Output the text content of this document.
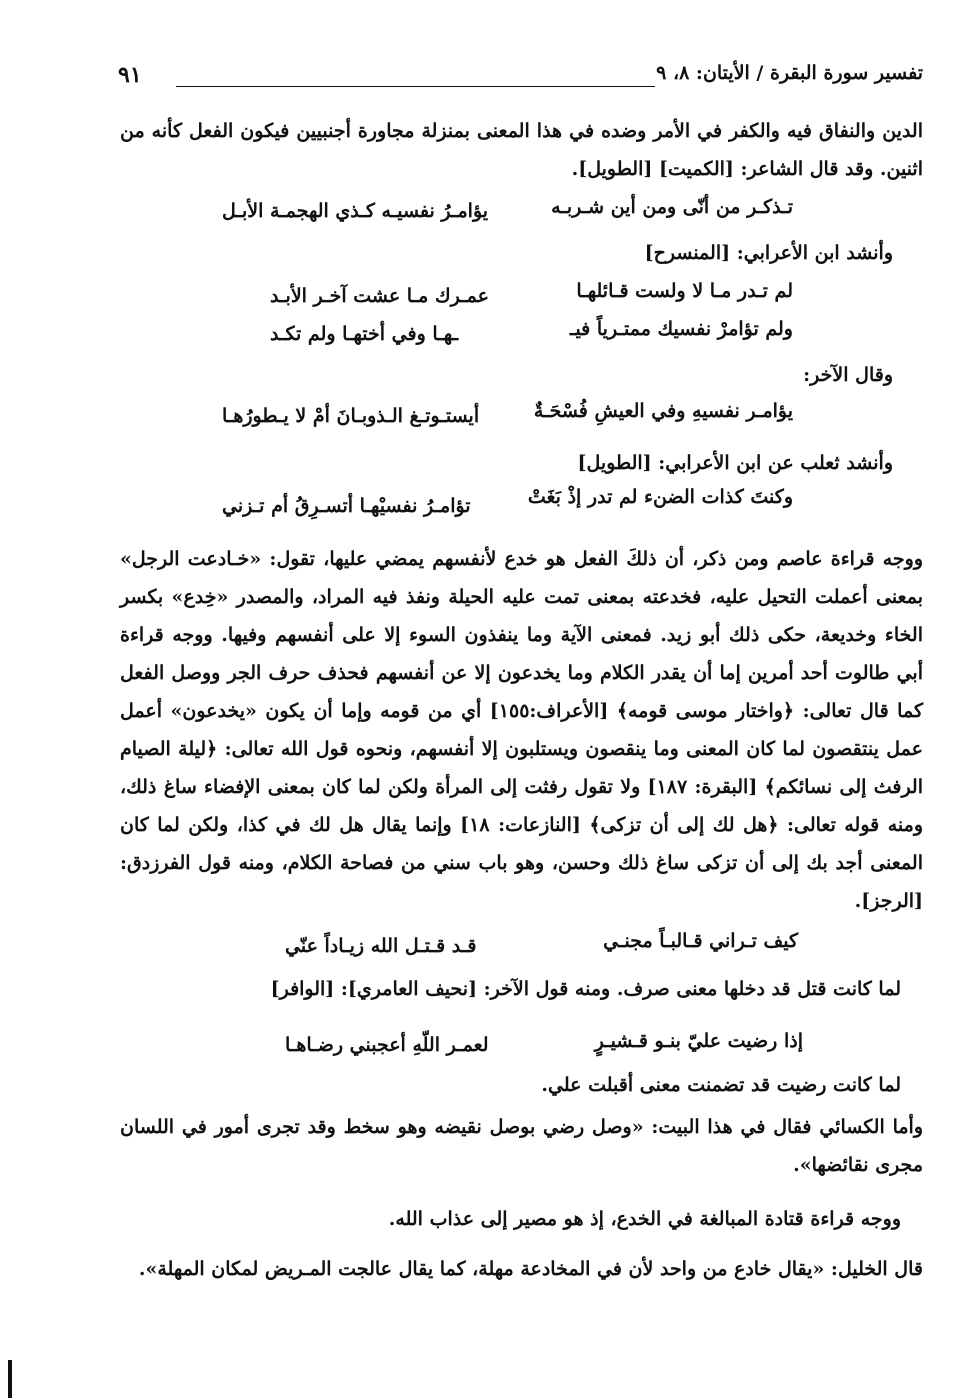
تفسير سورة البقرة / الأيتان: ٨، ٩
٩١
الدين والنفاق فيه والكفر في الأمر وضده في هذا المعنى بمنزلة مجاورة أجنبيين فيكون الفعل كأنه من اثنين. وقد قال الشاعر: [الكميت] [الطويل].
تـذكـر من أنّى ومن أين شـربـه
يؤامـرُ نفسيـه كـذي الهجمـة الأبـل
وأنشد ابن الأعرابي: [المنسرح]
لم تـدر مـا لا ولست قـائلهـا
عمـرك مـا عشت آخـر الأبـد
ولم تؤامرْ نفسيك ممتـرياً فيـ
ـهـا وفي أختهـا ولم تكـد
وقال الآخر:
يؤامـر نفسيهِ وفي العيشِ فُسْحَـةٌ
أيستـوتـغ الـذوبـانَ أمْ لا يـطورُهـا
وأنشد ثعلب عن ابن الأعرابي: [الطويل]
وكنتَ كذات الضنء لم تدر إذْ بَغَتْ
تؤامـرُ نفسيْهـا أتسـرِقُ أم تـزني
ووجه قراءة عاصم ومن ذكر، أن ذلكَ الفعل هو خدع لأنفسهم يمضي عليها، تقول: «خـادعت الرجل» بمعنى أعملت التحيل عليه، فخدعته بمعنى تمت عليه الحيلة ونفذ فيه المراد، والمصدر «خِدع» بكسر الخاء وخديعة، حكى ذلك أبو زيد. فمعنى الآية وما ينفذون السوء إلا على أنفسهم وفيها. ووجه قراءة أبي طالوت أحد أمرين إما أن يقدر الكلام وما يخدعون إلا عن أنفسهم فحذف حرف الجر ووصل الفعل كما قال تعالى: ﴿واختار موسى قومه﴾ [الأعراف:١٥٥] أي من قومه وإما أن يكون «يخدعون» أعمل عمل ينتقصون لما كان المعنى وما ينقصون ويستلبون إلا أنفسهم، ونحوه قول الله تعالى: ﴿ليلة الصيام الرفث إلى نسائكم﴾ [البقرة: ١٨٧] ولا تقول رفثت إلى المرأة ولكن لما كان بمعنى الإفضاء ساغ ذلك، ومنه قوله تعالى: ﴿هل لك إلى أن تزكى﴾ [النازعات: ١٨] وإنما يقال هل لك في كذا، ولكن لما كان المعنى أجد بك إلى أن تزكى ساغ ذلك وحسن، وهو باب سني من فصاحة الكلام، ومنه قول الفرزدق: [الرجز].
كيف تـراني قـالبـاً مجنـي
قـد قـتـل الله زيـاداً عنّي
لما كانت قتل قد دخلها معنى صرف. ومنه قول الآخر: [نحيف العامري]: [الوافر]
إذا رضيت عليّ بنـو قـشيـرٍ
لعمـر اللّهِ أعجبني رضـاهـا
لما كانت رضيت قد تضمنت معنى أقبلت علي.
وأما الكسائي فقال في هذا البيت: «وصل رضي بوصل نقيضه وهو سخط وقد تجرى أمور في اللسان مجرى نقائضها».
ووجه قراءة قتادة المبالغة في الخدع، إذ هو مصير إلى عذاب الله.
قال الخليل: «يقال خادع من واحد لأن في المخادعة مهلة، كما يقال عالجت المـريض لمكان المهلة».
